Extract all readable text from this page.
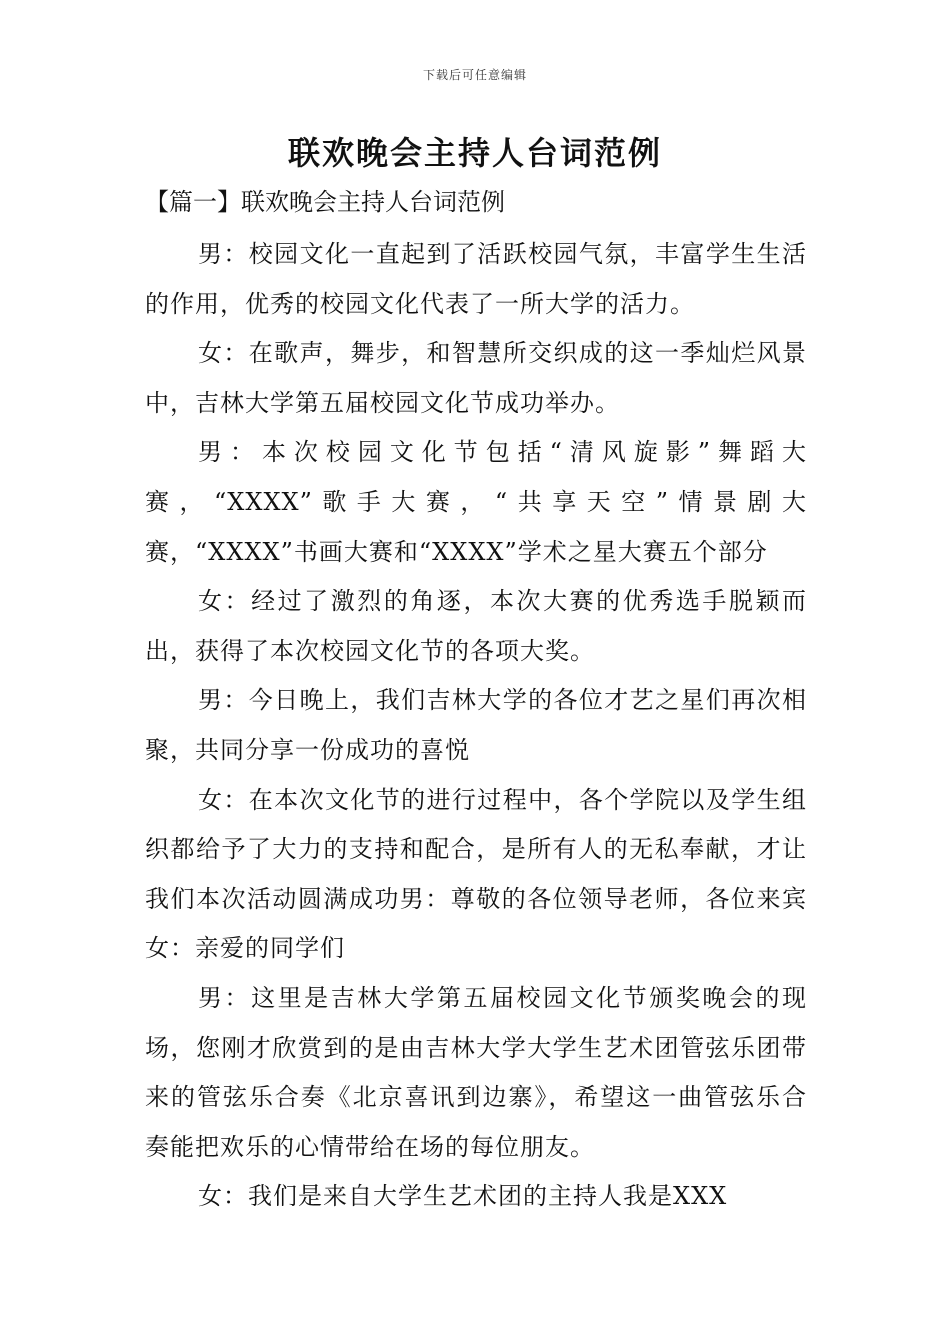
下载后可任意编辑
联欢晚会主持人台词范例
【篇一】联欢晚会主持人台词范例

男：校园文化一直起到了活跃校园气氛，丰富学生生活的作用，优秀的校园文化代表了一所大学的活力。

女：在歌声，舞步，和智慧所交织成的这一季灿烂风景中，吉林大学第五届校园文化节成功举办。

男：本次校园文化节包括“清风旋影”舞蹈大赛，“XXXX”歌手大赛，“共享天空”情景剧大赛，“XXXX”书画大赛和“XXXX”学术之星大赛五个部分

女：经过了激烈的角逐，本次大赛的优秀选手脱颖而出，获得了本次校园文化节的各项大奖。

男：今日晚上，我们吉林大学的各位才艺之星们再次相聚，共同分享一份成功的喜悦

女：在本次文化节的进行过程中，各个学院以及学生组织都给予了大力的支持和配合，是所有人的无私奉献，才让我们本次活动圆满成功男：尊敬的各位领导老师，各位来宾女：亲爱的同学们

男：这里是吉林大学第五届校园文化节颁奖晚会的现场，您刚才欣赏到的是由吉林大学大学生艺术团管弦乐团带来的管弦乐合奏《北京喜讯到边寨》，希望这一曲管弦乐合奏能把欢乐的心情带给在场的每位朋友。

女：我们是来自大学生艺术团的主持人我是XXX
